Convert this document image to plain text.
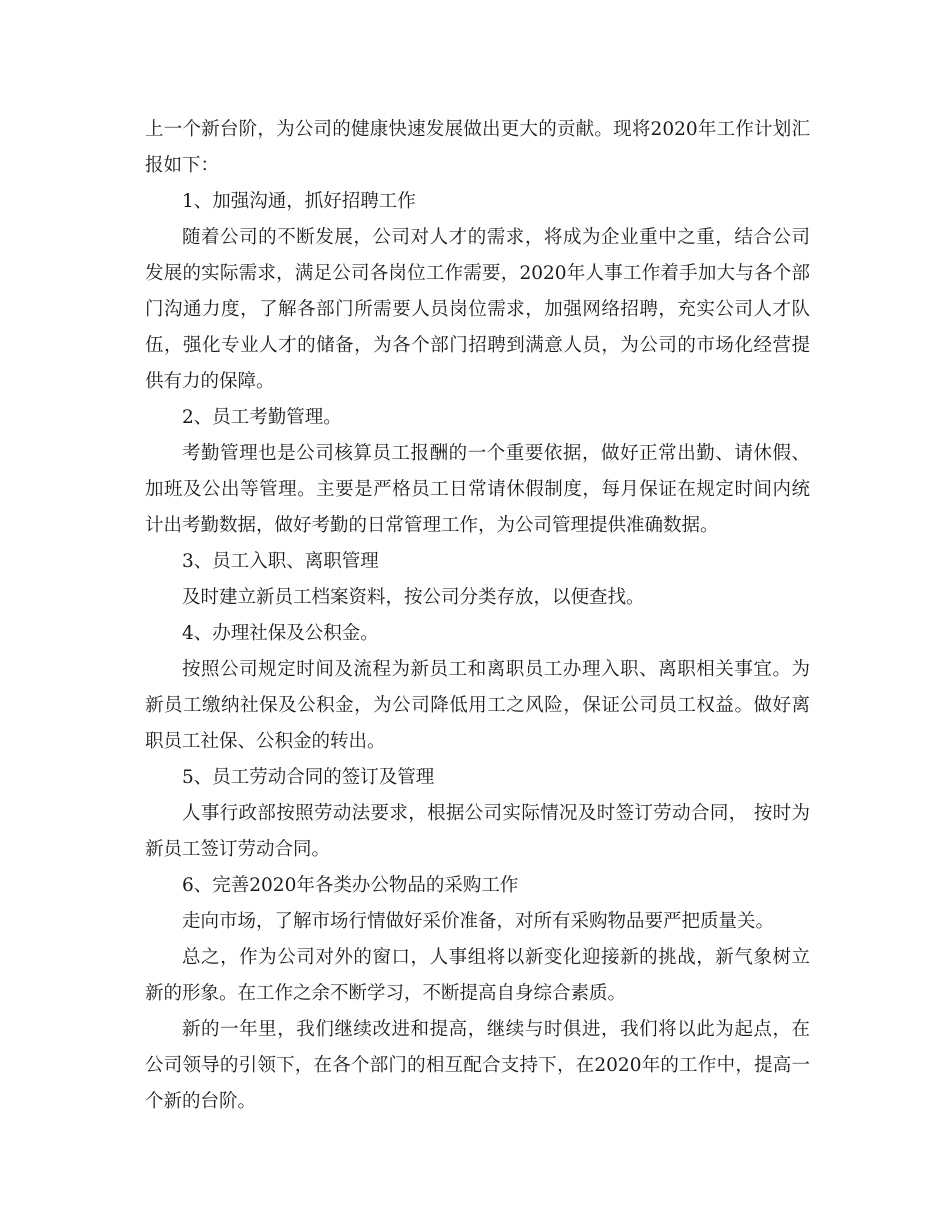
上一个新台阶，为公司的健康快速发展做出更大的贡献。现将2020年工作计划汇报如下：

1、加强沟通，抓好招聘工作

随着公司的不断发展，公司对人才的需求，将成为企业重中之重，结合公司发展的实际需求，满足公司各岗位工作需要，2020年人事工作着手加大与各个部门沟通力度，了解各部门所需要人员岗位需求，加强网络招聘，充实公司人才队伍，强化专业人才的储备，为各个部门招聘到满意人员，为公司的市场化经营提供有力的保障。

2、员工考勤管理。

考勤管理也是公司核算员工报酬的一个重要依据，做好正常出勤、请休假、加班及公出等管理。主要是严格员工日常请休假制度，每月保证在规定时间内统计出考勤数据，做好考勤的日常管理工作，为公司管理提供准确数据。

3、员工入职、离职管理

及时建立新员工档案资料，按公司分类存放，以便查找。

4、办理社保及公积金。

按照公司规定时间及流程为新员工和离职员工办理入职、离职相关事宜。为新员工缴纳社保及公积金，为公司降低用工之风险，保证公司员工权益。做好离职员工社保、公积金的转出。

5、员工劳动合同的签订及管理

人事行政部按照劳动法要求，根据公司实际情况及时签订劳动合同， 按时为新员工签订劳动合同。

6、完善2020年各类办公物品的采购工作

走向市场，了解市场行情做好采价准备，对所有采购物品要严把质量关。

总之，作为公司对外的窗口，人事组将以新变化迎接新的挑战，新气象树立新的形象。在工作之余不断学习，不断提高自身综合素质。

新的一年里，我们继续改进和提高，继续与时俱进，我们将以此为起点，在公司领导的引领下，在各个部门的相互配合支持下，在2020年的工作中，提高一个新的台阶。
